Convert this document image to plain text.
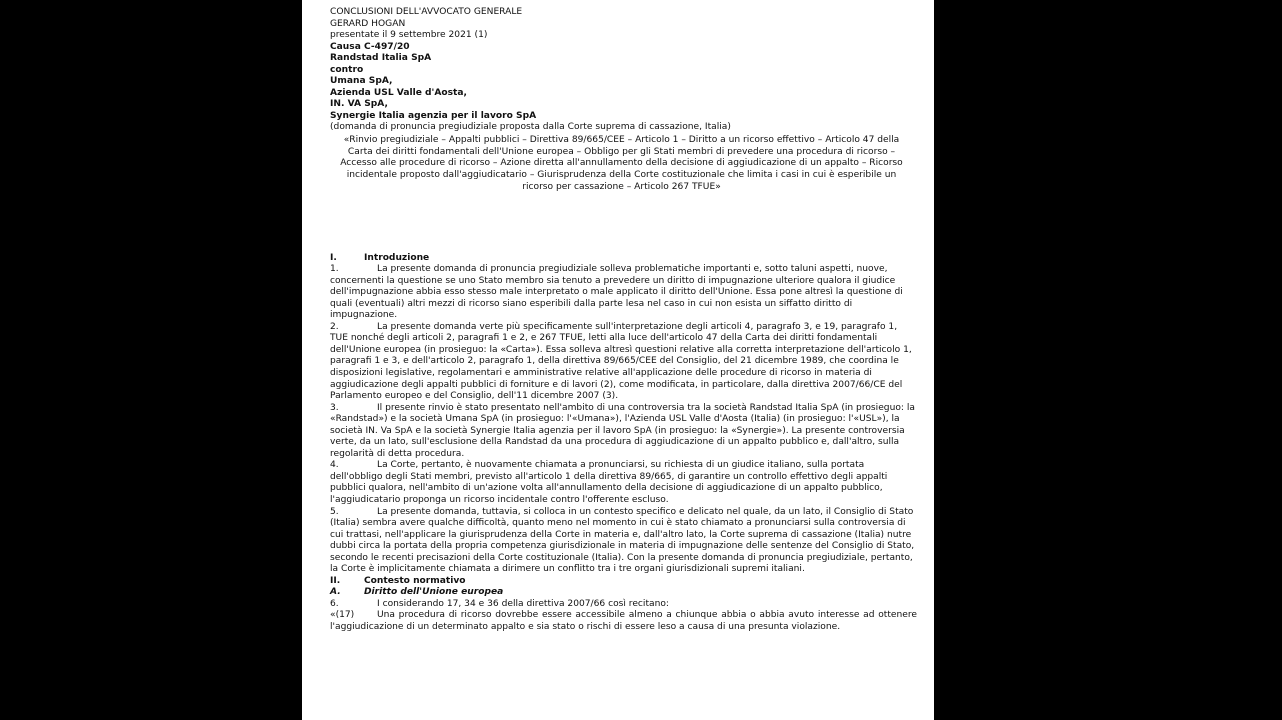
CONCLUSIONI DELL'AVVOCATO GENERALE
GERARD HOGAN
presentate il 9 settembre 2021 (1)
Causa C-497/20
Randstad Italia SpA
contro
Umana SpA,
Azienda USL Valle d'Aosta,
IN. VA SpA,
Synergie Italia agenzia per il lavoro SpA
(domanda di pronuncia pregiudiziale proposta dalla Corte suprema di cassazione, Italia)
«Rinvio pregiudiziale – Appalti pubblici – Direttiva 89/665/CEE – Articolo 1 – Diritto a un ricorso effettivo – Articolo 47 della Carta dei diritti fondamentali dell'Unione europea – Obbligo per gli Stati membri di prevedere una procedura di ricorso – Accesso alle procedure di ricorso – Azione diretta all'annullamento della decisione di aggiudicazione di un appalto – Ricorso incidentale proposto dall'aggiudicatario – Giurisprudenza della Corte costituzionale che limita i casi in cui è esperibile un ricorso per cassazione – Articolo 267 TFUE»
I.	Introduzione
1.	La presente domanda di pronuncia pregiudiziale solleva problematiche importanti e, sotto taluni aspetti, nuove, concernenti la questione se uno Stato membro sia tenuto a prevedere un diritto di impugnazione ulteriore qualora il giudice dell'impugnazione abbia esso stesso male interpretato o male applicato il diritto dell'Unione. Essa pone altresì la questione di quali (eventuali) altri mezzi di ricorso siano esperibili dalla parte lesa nel caso in cui non esista un siffatto diritto di impugnazione.
2.	La presente domanda verte più specificamente sull'interpretazione degli articoli 4, paragrafo 3, e 19, paragrafo 1, TUE nonché degli articoli 2, paragrafi 1 e 2, e 267 TFUE, letti alla luce dell'articolo 47 della Carta dei diritti fondamentali dell'Unione europea (in prosieguo: la «Carta»). Essa solleva altresì questioni relative alla corretta interpretazione dell'articolo 1, paragrafi 1 e 3, e dell'articolo 2, paragrafo 1, della direttiva 89/665/CEE del Consiglio, del 21 dicembre 1989, che coordina le disposizioni legislative, regolamentari e amministrative relative all'applicazione delle procedure di ricorso in materia di aggiudicazione degli appalti pubblici di forniture e di lavori (2), come modificata, in particolare, dalla direttiva 2007/66/CE del Parlamento europeo e del Consiglio, dell'11 dicembre 2007 (3).
3.	Il presente rinvio è stato presentato nell'ambito di una controversia tra la società Randstad Italia SpA (in prosieguo: la «Randstad») e la società Umana SpA (in prosieguo: l'«Umana»), l'Azienda USL Valle d'Aosta (Italia) (in prosieguo: l'«USL»), la società IN. Va SpA e la società Synergie Italia agenzia per il lavoro SpA (in prosieguo: la «Synergie»). La presente controversia verte, da un lato, sull'esclusione della Randstad da una procedura di aggiudicazione di un appalto pubblico e, dall'altro, sulla regolarità di detta procedura.
4.	La Corte, pertanto, è nuovamente chiamata a pronunciarsi, su richiesta di un giudice italiano, sulla portata dell'obbligo degli Stati membri, previsto all'articolo 1 della direttiva 89/665, di garantire un controllo effettivo degli appalti pubblici qualora, nell'ambito di un'azione volta all'annullamento della decisione di aggiudicazione di un appalto pubblico, l'aggiudicatario proponga un ricorso incidentale contro l'offerente escluso.
5.	La presente domanda, tuttavia, si colloca in un contesto specifico e delicato nel quale, da un lato, il Consiglio di Stato (Italia) sembra avere qualche difficoltà, quanto meno nel momento in cui è stato chiamato a pronunciarsi sulla controversia di cui trattasi, nell'applicare la giurisprudenza della Corte in materia e, dall'altro lato, la Corte suprema di cassazione (Italia) nutre dubbi circa la portata della propria competenza giurisdizionale in materia di impugnazione delle sentenze del Consiglio di Stato, secondo le recenti precisazioni della Corte costituzionale (Italia). Con la presente domanda di pronuncia pregiudiziale, pertanto, la Corte è implicitamente chiamata a dirimere un conflitto tra i tre organi giurisdizionali supremi italiani.
II.	Contesto normativo
A.	Diritto dell'Unione europea
6.	I considerando 17, 34 e 36 della direttiva 2007/66 così recitano:
«(17)	Una procedura di ricorso dovrebbe essere accessibile almeno a chiunque abbia o abbia avuto interesse ad ottenere l'aggiudicazione di un determinato appalto e sia stato o rischi di essere leso a causa di una presunta violazione.
